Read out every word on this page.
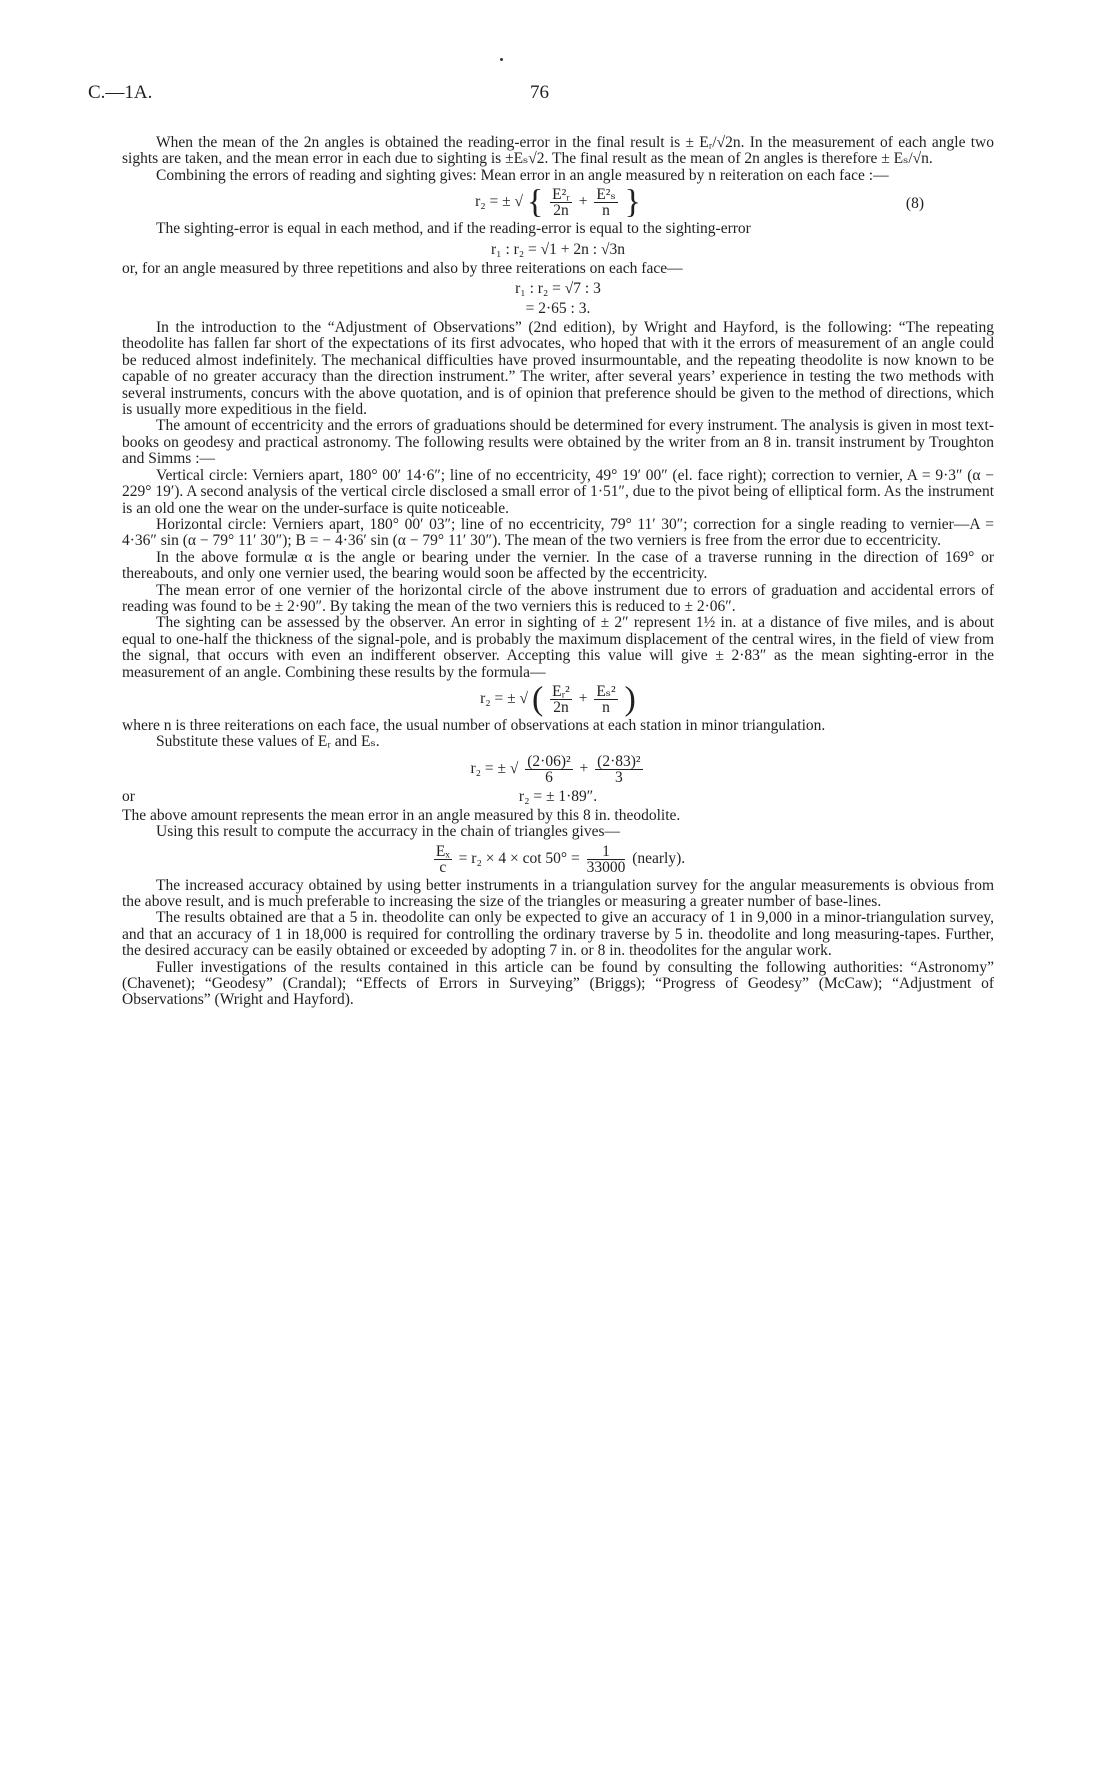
C.—1A.	76

When the mean of the 2n angles is obtained the reading-error in the final result is ± Eᵣ/√2n. In the measurement of each angle two sights are taken, and the mean error in each due to sighting is ±Eₛ√2. The final result as the mean of 2n angles is therefore ± Eₛ/√n.

Combining the errors of reading and sighting gives: Mean error in an angle measured by n reiteration on each face :—

r₂ = ± √ { $\frac{\text{E²ᵣ}}{2n} + \frac{\text{E²ₛ}}{n}$ }	(8)

The sighting-error is equal in each method, and if the reading-error is equal to the sighting-error

r₁ : r₂ = √1 + 2n : √3n

or, for an angle measured by three repetitions and also by three reiterations on each face—

r₁ : r₂ = √7 : 3
= 2·65 : 3.

In the introduction to the “Adjustment of Observations” (2nd edition), by Wright and Hayford, is the following: “The repeating theodolite has fallen far short of the expectations of its first advocates, who hoped that with it the errors of measurement of an angle could be reduced almost indefinitely. The mechanical difficulties have proved insurmountable, and the repeating theodolite is now known to be capable of no greater accuracy than the direction instrument.” The writer, after several years’ experience in testing the two methods with several instruments, concurs with the above quotation, and is of opinion that preference should be given to the method of directions, which is usually more expeditious in the field.

The amount of eccentricity and the errors of graduations should be determined for every instrument. The analysis is given in most text-books on geodesy and practical astronomy. The following results were obtained by the writer from an 8 in. transit instrument by Troughton and Simms :—

Vertical circle: Verniers apart, 180° 00′ 14·6″; line of no eccentricity, 49° 19′ 00″ (el. face right); correction to vernier, A = 9·3″ (α − 229° 19′). A second analysis of the vertical circle disclosed a small error of 1·51″, due to the pivot being of elliptical form. As the instrument is an old one the wear on the under-surface is quite noticeable.

Horizontal circle: Verniers apart, 180° 00′ 03″; line of no eccentricity, 79° 11′ 30″; correction for a single reading to vernier—A = 4·36″ sin (α − 79° 11′ 30″); B = − 4·36′ sin (α − 79° 11′ 30″). The mean of the two verniers is free from the error due to eccentricity.

In the above formulæ α is the angle or bearing under the vernier. In the case of a traverse running in the direction of 169° or thereabouts, and only one vernier used, the bearing would soon be affected by the eccentricity.

The mean error of one vernier of the horizontal circle of the above instrument due to errors of graduation and accidental errors of reading was found to be ± 2·90″. By taking the mean of the two verniers this is reduced to ± 2·06″.

The sighting can be assessed by the observer. An error in sighting of ± 2″ represent 1½ in. at a distance of five miles, and is about equal to one-half the thickness of the signal-pole, and is probably the maximum displacement of the central wires, in the field of view from the signal, that occurs with even an indifferent observer. Accepting this value will give ± 2·83″ as the mean sighting-error in the measurement of an angle. Combining these results by the formula—

r₂ = ± √ ( $\frac{\text{Eᵣ²}}{2n} + \frac{\text{Eₛ²}}{n}$ )

where n is three reiterations on each face, the usual number of observations at each station in minor triangulation.

Substitute these values of Eᵣ and Eₛ.

r₂ = ± √ $\frac{\text{(2·06)²}}{6} + \frac{\text{(2·83)²}}{3}$
or	r₂ = ± 1·89″.

The above amount represents the mean error in an angle measured by this 8 in. theodolite.

Using this result to compute the accurracy in the chain of triangles gives—

$\frac{\text{Eₓ}}{c} = r_2 \times 4 \times \cot 50^\circ = \frac{1}{33000}$ (nearly).

The increased accuracy obtained by using better instruments in a triangulation survey for the angular measurements is obvious from the above result, and is much preferable to increasing the size of the triangles or measuring a greater number of base-lines.

The results obtained are that a 5 in. theodolite can only be expected to give an accuracy of 1 in 9,000 in a minor-triangulation survey, and that an accuracy of 1 in 18,000 is required for controlling the ordinary traverse by 5 in. theodolite and long measuring-tapes. Further, the desired accuracy can be easily obtained or exceeded by adopting 7 in. or 8 in. theodolites for the angular work.

Fuller investigations of the results contained in this article can be found by consulting the following authorities: “Astronomy” (Chavenet); “Geodesy” (Crandal); “Effects of Errors in Surveying” (Briggs); “Progress of Geodesy” (McCaw); “Adjustment of Observations” (Wright and Hayford).
